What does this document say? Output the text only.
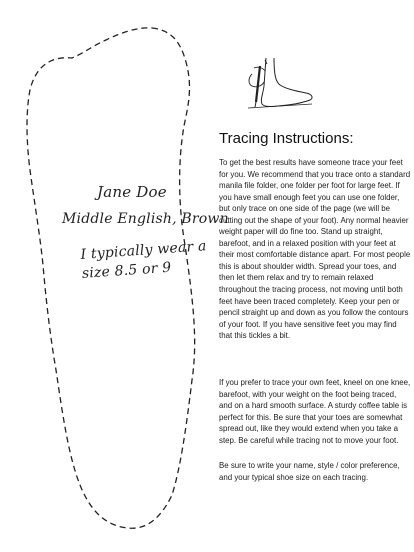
Jane Doe
Middle English, Brown
I typically wear a size 8.5 or 9
Tracing Instructions:

To get the best results have someone trace your feet for you. We recommend that you trace onto a standard manila file folder, one folder per foot for large feet. If you have small enough feet you can use one folder, but only trace on one side of the page (we will be cutting out the shape of your foot). Any normal heavier weight paper will do fine too. Stand up straight, barefoot, and in a relaxed position with your feet at their most comfortable distance apart. For most people this is about shoulder width. Spread your toes, and then let them relax and try to remain relaxed throughout the tracing process, not moving until both feet have been traced completely. Keep your pen or pencil straight up and down as you follow the contours of your foot. If you have sensitive feet you may find that this tickles a bit.

If you prefer to trace your own feet, kneel on one knee, barefoot, with your weight on the foot being traced, and on a hard smooth surface. A sturdy coffee table is perfect for this. Be sure that your toes are somewhat spread out, like they would extend when you take a step. Be careful while tracing not to move your foot.

Be sure to write your name, style / color preference, and your typical shoe size on each tracing.
